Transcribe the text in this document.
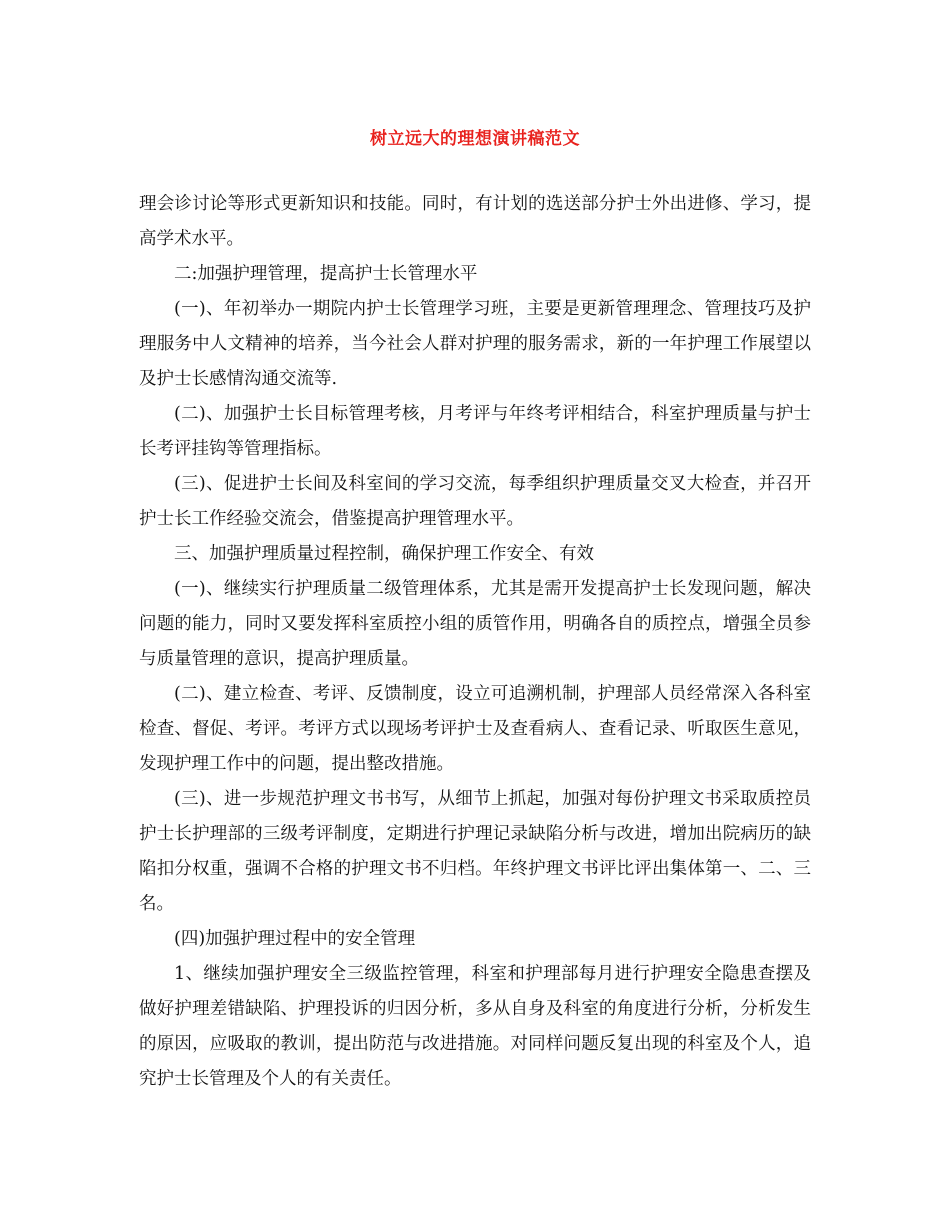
树立远大的理想演讲稿范文

理会诊讨论等形式更新知识和技能。同时，有计划的选送部分护士外出进修、学习，提高学术水平。

二:加强护理管理，提高护士长管理水平

(一)、年初举办一期院内护士长管理学习班，主要是更新管理理念、管理技巧及护理服务中人文精神的培养，当今社会人群对护理的服务需求，新的一年护理工作展望以及护士长感情沟通交流等.

(二)、加强护士长目标管理考核，月考评与年终考评相结合，科室护理质量与护士长考评挂钩等管理指标。

(三)、促进护士长间及科室间的学习交流，每季组织护理质量交叉大检查，并召开护士长工作经验交流会，借鉴提高护理管理水平。

三、加强护理质量过程控制，确保护理工作安全、有效

(一)、继续实行护理质量二级管理体系，尤其是需开发提高护士长发现问题，解决问题的能力，同时又要发挥科室质控小组的质管作用，明确各自的质控点，增强全员参与质量管理的意识，提高护理质量。

(二)、建立检查、考评、反馈制度，设立可追溯机制，护理部人员经常深入各科室检查、督促、考评。考评方式以现场考评护士及查看病人、查看记录、听取医生意见，发现护理工作中的问题，提出整改措施。

(三)、进一步规范护理文书书写，从细节上抓起，加强对每份护理文书采取质控员护士长护理部的三级考评制度，定期进行护理记录缺陷分析与改进，增加出院病历的缺陷扣分权重，强调不合格的护理文书不归档。年终护理文书评比评出集体第一、二、三名。

(四)加强护理过程中的安全管理

1、继续加强护理安全三级监控管理，科室和护理部每月进行护理安全隐患查摆及做好护理差错缺陷、护理投诉的归因分析，多从自身及科室的角度进行分析，分析发生的原因，应吸取的教训，提出防范与改进措施。对同样问题反复出现的科室及个人，追究护士长管理及个人的有关责任。
